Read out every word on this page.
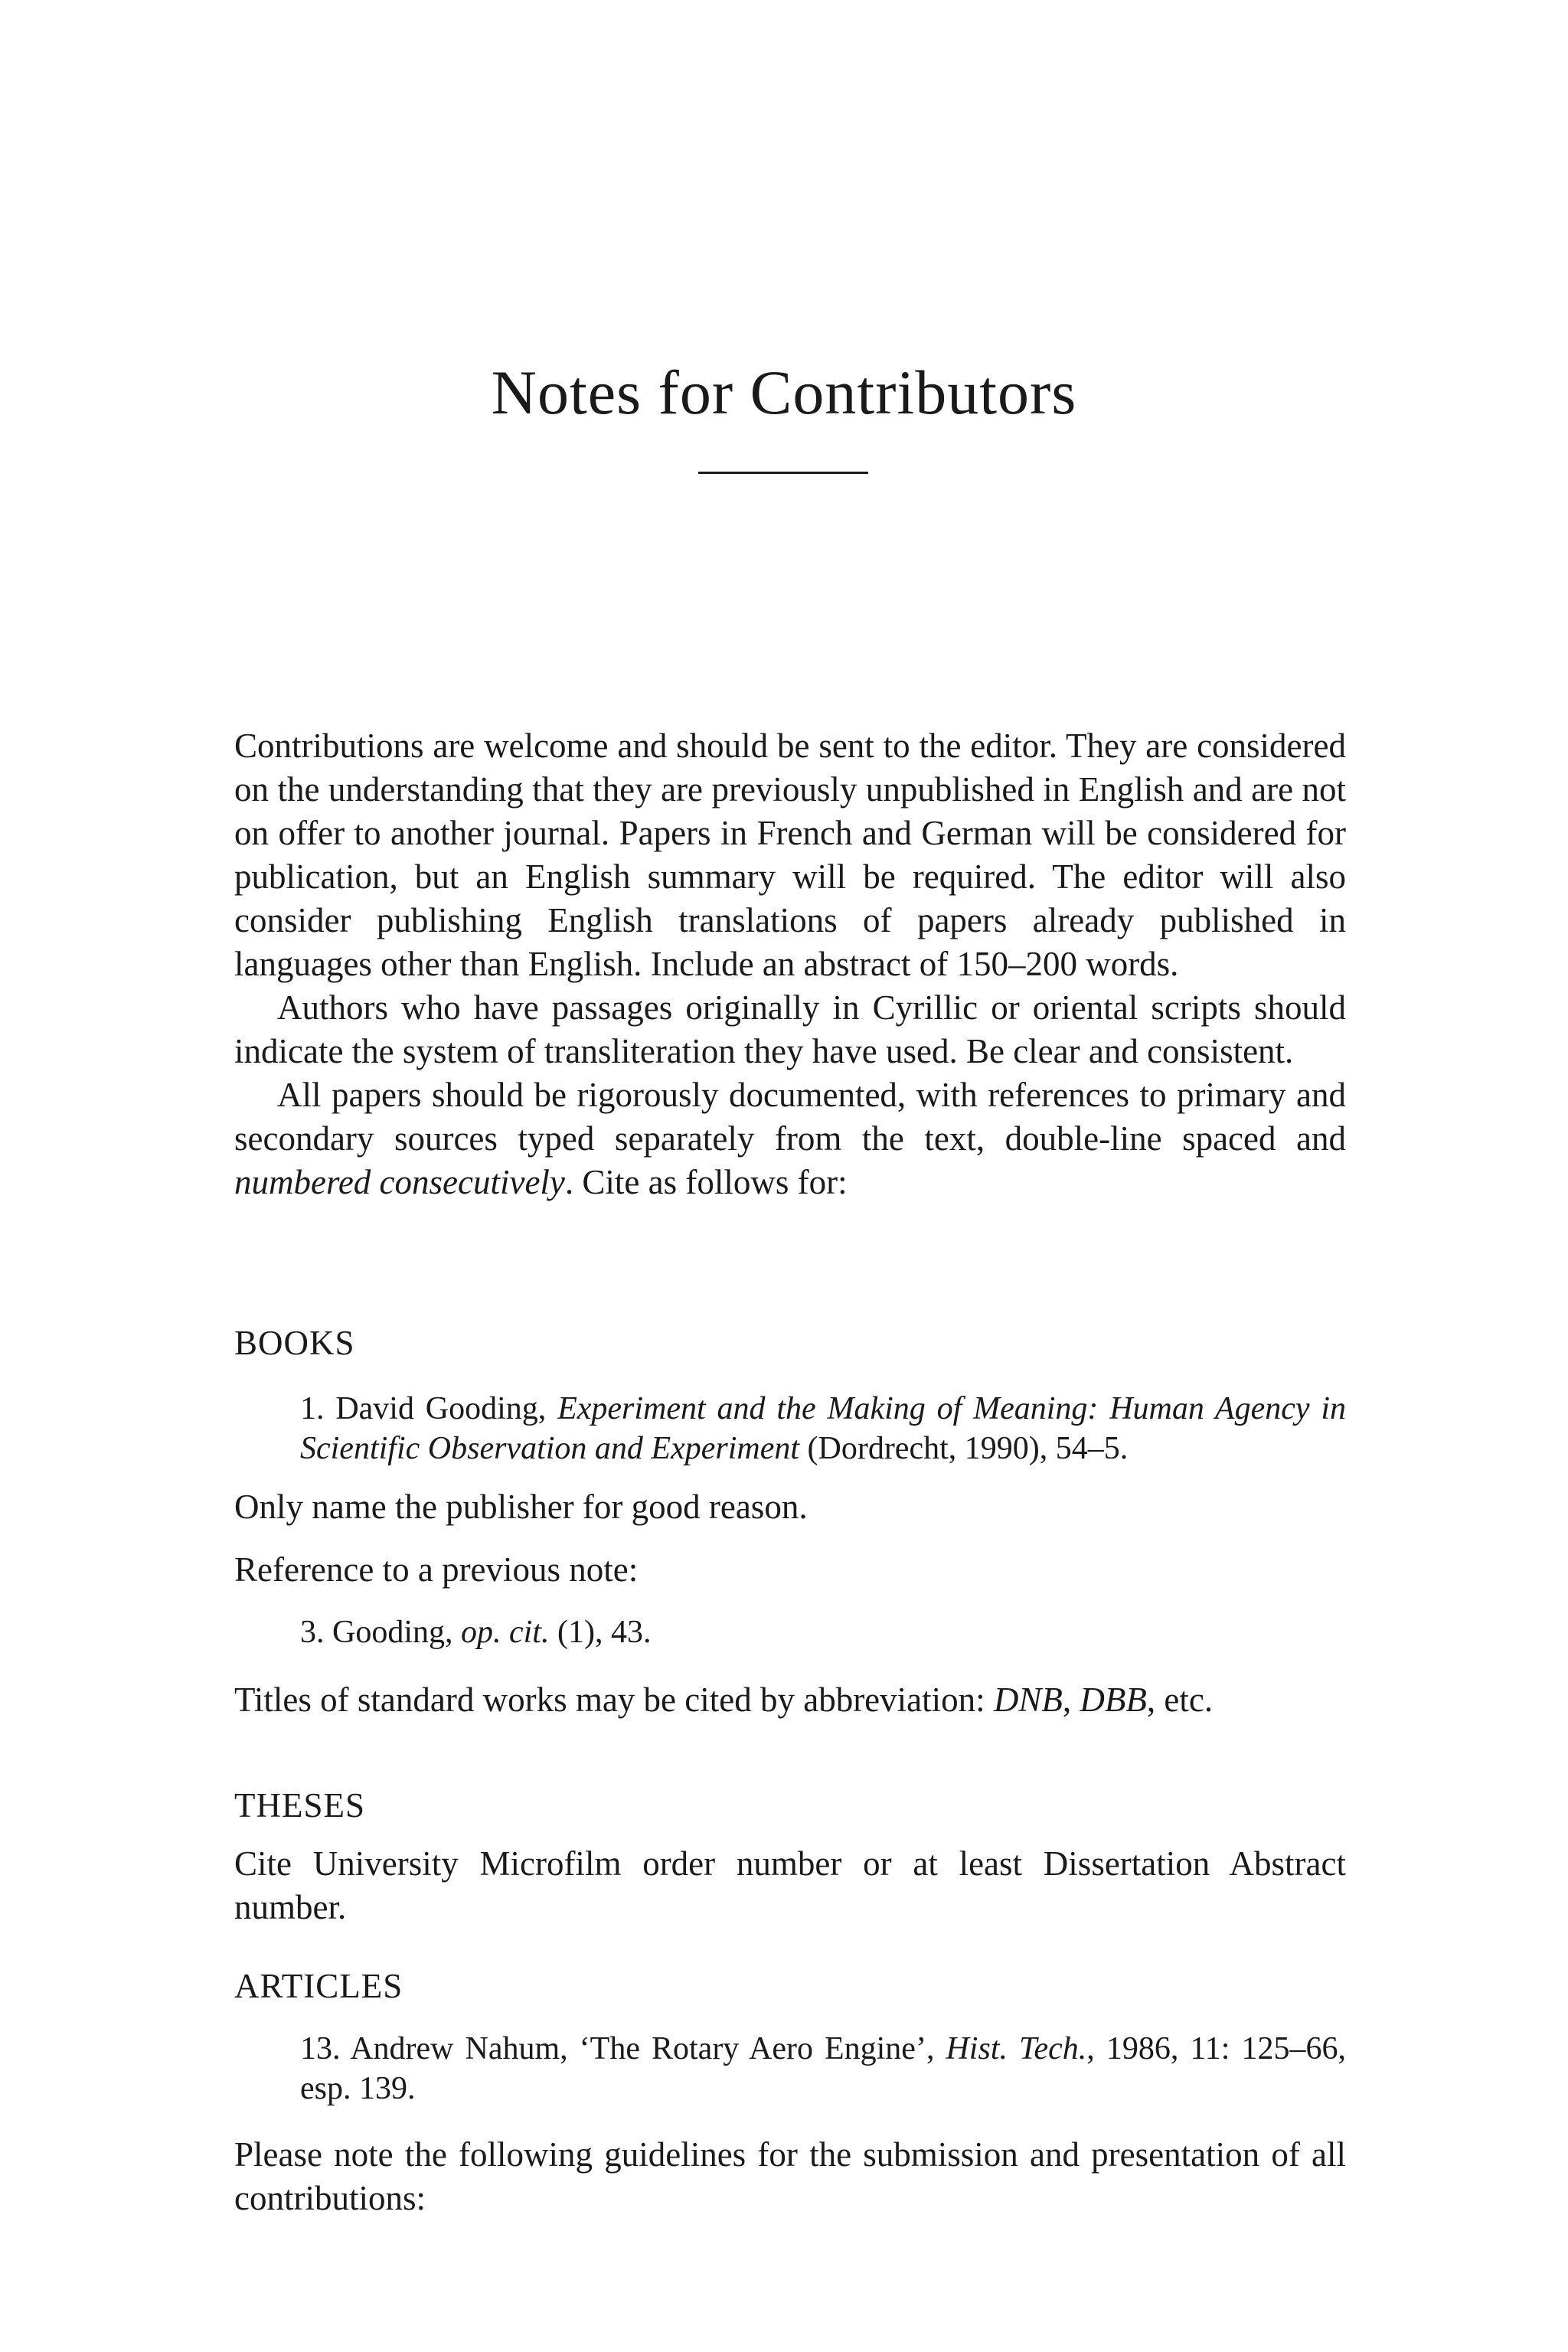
Notes for Contributors

Contributions are welcome and should be sent to the editor. They are considered on the understanding that they are previously unpublished in English and are not on offer to another journal. Papers in French and German will be considered for publication, but an English summary will be required. The editor will also consider publishing English translations of papers already published in languages other than English. Include an abstract of 150–200 words.

Authors who have passages originally in Cyrillic or oriental scripts should indicate the system of transliteration they have used. Be clear and consistent.

All papers should be rigorously documented, with references to primary and secondary sources typed separately from the text, double-line spaced and numbered consecutively. Cite as follows for:

BOOKS
1. David Gooding, Experiment and the Making of Meaning: Human Agency in Scientific Observation and Experiment (Dordrecht, 1990), 54–5.
Only name the publisher for good reason.
Reference to a previous note:
3. Gooding, op. cit. (1), 43.
Titles of standard works may be cited by abbreviation: DNB, DBB, etc.
THESES

Cite University Microfilm order number or at least Dissertation Abstract number.

ARTICLES
13. Andrew Nahum, ‘The Rotary Aero Engine’, Hist. Tech., 1986, 11: 125–66, esp. 139.

Please note the following guidelines for the submission and presentation of all contributions:
